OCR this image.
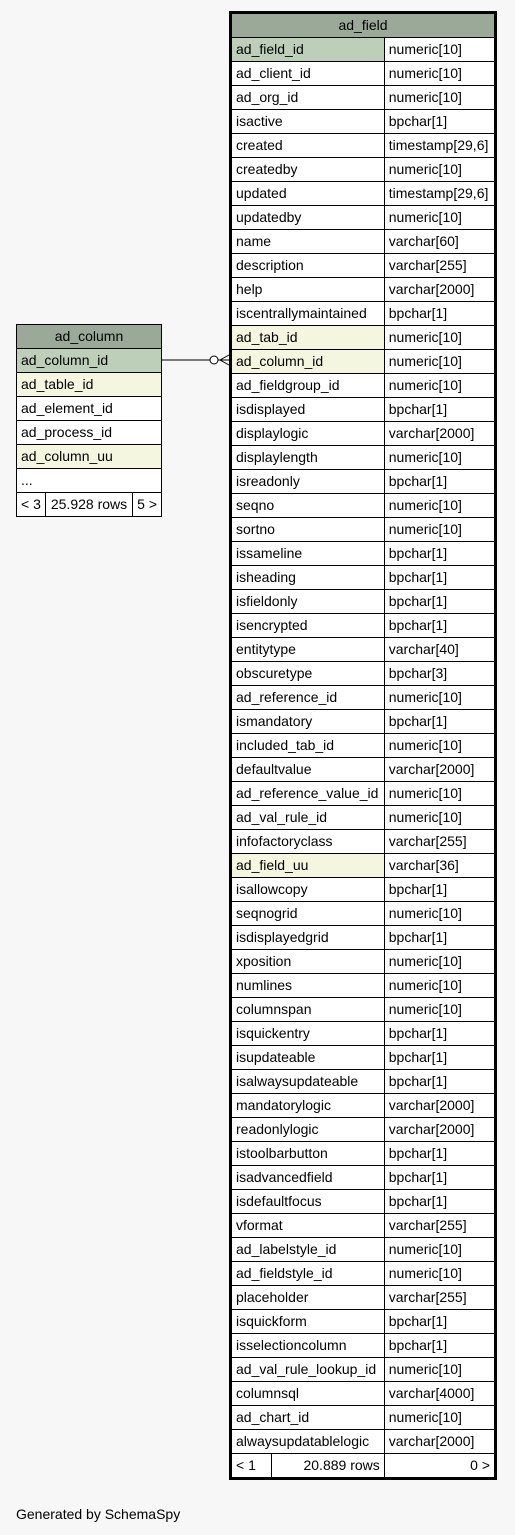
ad_column
ad_column_id
ad_table_id
ad_element_id
ad_process_id
ad_column_uu
...
< 3	25.928 rows	5 >
ad_field	
ad_field_id	numeric[10]
ad_client_id	numeric[10]
ad_org_id	numeric[10]
isactive	bpchar[1]
created	timestamp[29,6]
createdby	numeric[10]
updated	timestamp[29,6]
updatedby	numeric[10]
name	varchar[60]
description	varchar[255]
help	varchar[2000]
iscentrallymaintained	bpchar[1]
ad_tab_id	numeric[10]
ad_column_id	numeric[10]
ad_fieldgroup_id	numeric[10]
isdisplayed	bpchar[1]
displaylogic	varchar[2000]
displaylength	numeric[10]
isreadonly	bpchar[1]
seqno	numeric[10]
sortno	numeric[10]
issameline	bpchar[1]
isheading	bpchar[1]
isfieldonly	bpchar[1]
isencrypted	bpchar[1]
entitytype	varchar[40]
obscuretype	bpchar[3]
ad_reference_id	numeric[10]
ismandatory	bpchar[1]
included_tab_id	numeric[10]
defaultvalue	varchar[2000]
ad_reference_value_id	numeric[10]
ad_val_rule_id	numeric[10]
infofactoryclass	varchar[255]
ad_field_uu	varchar[36]
isallowcopy	bpchar[1]
seqnogrid	numeric[10]
isdisplayedgrid	bpchar[1]
xposition	numeric[10]
numlines	numeric[10]
columnspan	numeric[10]
isquickentry	bpchar[1]
isupdateable	bpchar[1]
isalwaysupdateable	bpchar[1]
mandatorylogic	varchar[2000]
readonlylogic	varchar[2000]
istoolbarbutton	bpchar[1]
isadvancedfield	bpchar[1]
isdefaultfocus	bpchar[1]
vformat	varchar[255]
ad_labelstyle_id	numeric[10]
ad_fieldstyle_id	numeric[10]
placeholder	varchar[255]
isquickform	bpchar[1]
isselectioncolumn	bpchar[1]
ad_val_rule_lookup_id	numeric[10]
columnsql	varchar[4000]
ad_chart_id	numeric[10]
alwaysupdatablelogic	varchar[2000]

< 1 20.889 rows	0 >
Generated by SchemaSpy
